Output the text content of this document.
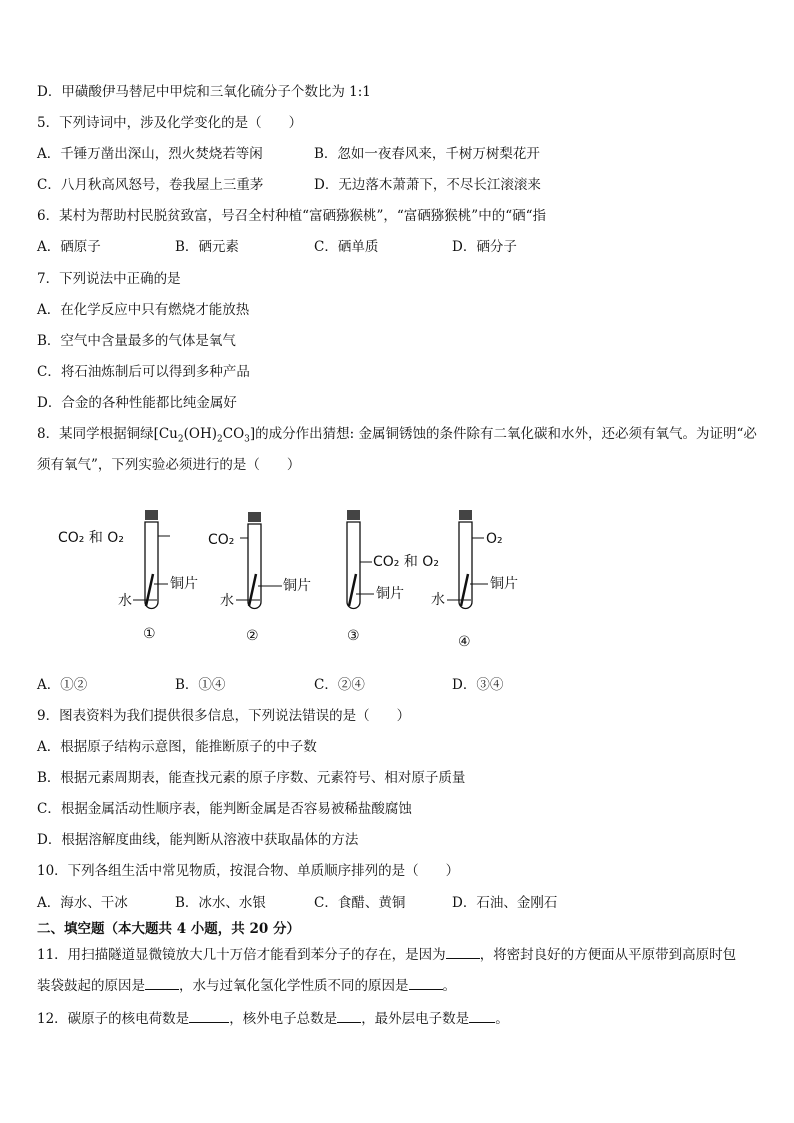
D．甲磺酸伊马替尼中甲烷和三氧化硫分子个数比为 1:1
5．下列诗词中，涉及化学变化的是（　　）
A．千锤万凿出深山，烈火焚烧若等闲	B．忽如一夜春风来，千树万树梨花开
C．八月秋高风怒号，卷我屋上三重茅	D．无边落木萧萧下，不尽长江滚滚来
6．某村为帮助村民脱贫致富，号召全村种植“富硒猕猴桃”，“富硒猕猴桃”中的“硒“指
A．硒原子	B．硒元素	C．硒单质	D．硒分子
7．下列说法中正确的是
A．在化学反应中只有燃烧才能放热
B．空气中含量最多的气体是氧气
C．将石油炼制后可以得到多种产品
D．合金的各种性能都比纯金属好
8．某同学根据铜绿$[Cu_2(OH)_2CO_3]$的成分作出猜想: 金属铜锈蚀的条件除有二氧化碳和水外，还必须有氧气。为证明“必
须有氧气”，下列实验必须进行的是（　　）
CO₂ 和 O₂
铜片
水
①
CO₂
铜片
水
②
CO₂ 和 O₂
铜片
③
O₂
铜片
水
④
A．①②	B．①④	C．②④	D．③④
9．图表资料为我们提供很多信息，下列说法错误的是（　　）
A．根据原子结构示意图，能推断原子的中子数
B．根据元素周期表，能查找元素的原子序数、元素符号、相对原子质量
C．根据金属活动性顺序表，能判断金属是否容易被稀盐酸腐蚀
D．根据溶解度曲线，能判断从溶液中获取晶体的方法
10．下列各组生活中常见物质，按混合物、单质顺序排列的是（　　）
A．海水、干冰	B．冰水、水银	C．食醋、黄铜	D．石油、金刚石
二、填空题（本大题共 4 小题，共 20 分）
11．用扫描隧道显微镜放大几十万倍才能看到苯分子的存在，是因为	，将密封良好的方便面从平原带到高原时包
装袋鼓起的原因是	，水与过氧化氢化学性质不同的原因是	。
12．碳原子的核电荷数是	，核外电子总数是 ，最外层电子数是 。
